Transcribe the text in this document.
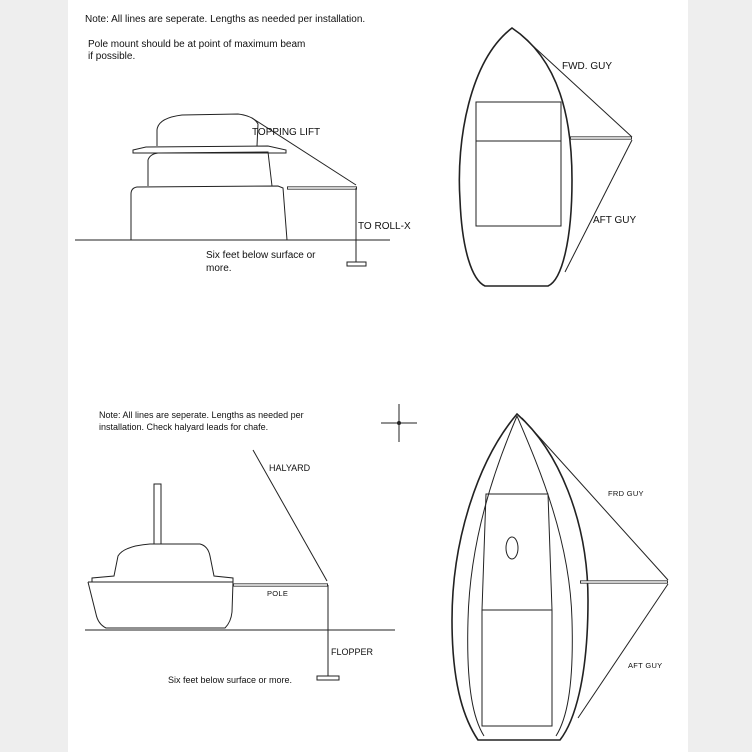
Note: All lines are seperate. Lengths as needed per installation.
Pole mount should be at point of maximum beam
if possible.
TOPPING LIFT
TO ROLL-X
Six feet below surface or
more.
FWD. GUY
AFT GUY
Note: All lines are seperate. Lengths as needed per
installation. Check halyard leads for chafe.
HALYARD
POLE
FLOPPER
Six feet below surface or more.
FRD GUY
AFT GUY
